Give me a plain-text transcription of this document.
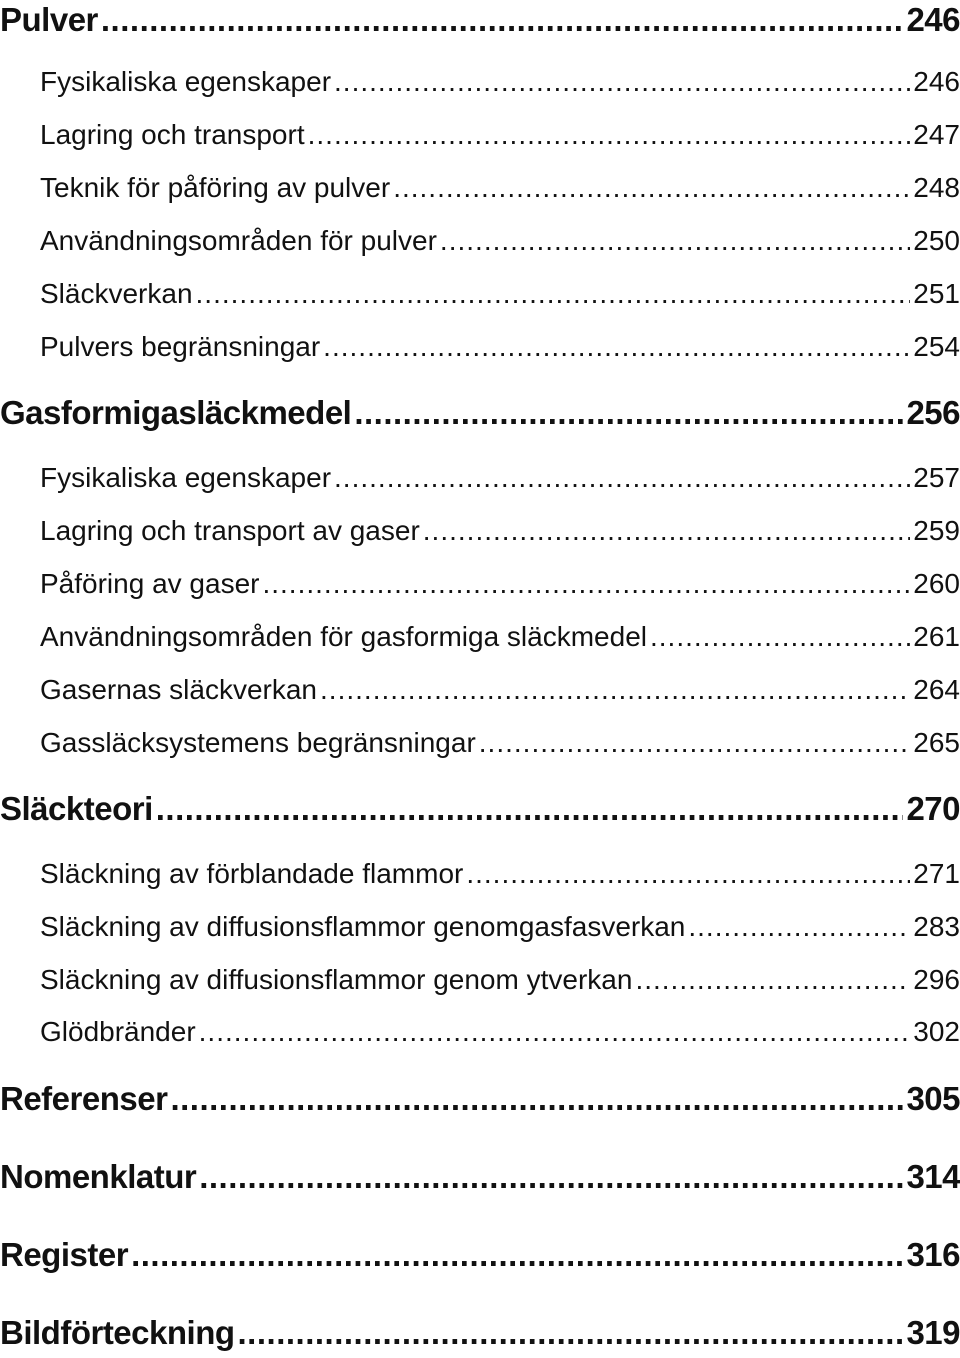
Pulver .....	246
Fysikaliska egenskaper .....	246
Lagring och transport .....	247
Teknik för påföring av pulver .....	248
Användningsområden för pulver .....	250
Släckverkan .....	251
Pulvers begränsningar .....	254
Gasformigasläckmedel .....	256
Fysikaliska egenskaper .....	257
Lagring och transport av gaser .....	259
Påföring av gaser .....	260
Användningsområden för gasformiga släckmedel .....	261
Gasernas släckverkan .....	264
Gassläcksystemens begränsningar .....	265
Släckteori .....	270
Släckning av förblandade flammor .....	271
Släckning av diffusionsflammor genomgasfasverkan .....	283
Släckning av diffusionsflammor genom ytverkan .....	296
Glödbränder .....	302
Referenser .....	305
Nomenklatur .....	314
Register .....	316
Bildförteckning .....	319
